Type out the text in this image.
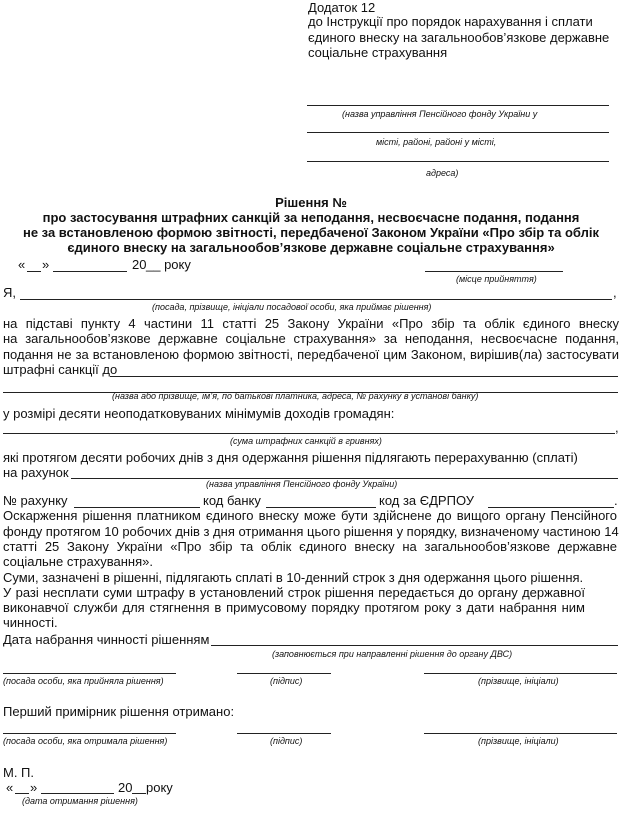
Додаток 12
до Інструкції про порядок нарахування і сплати
єдиного внеску на загальнообов’язкове державне
соціальне страхування
(назва управління Пенсійного фонду України у
місті, районі, районі у місті,
адреса)
Рішення №
про застосування штрафних санкцій за неподання, несвоєчасне подання, подання
не за встановленою формою звітності, передбаченої Законом України «Про збір та облік
єдиного внеску на загальнообов’язкове державне соціальне страхування»
« »	20 __ року
(місце прийняття)
Я,	,
(посада, прізвище, ініціали посадової особи, яка приймає рішення)
на підставі пункту 4 частини 11 статті 25 Закону України «Про збір та облік єдиного внеску
на загальнообов’язкове державне соціальне страхування» за неподання, несвоєчасне подання,
подання не за встановленою формою звітності, передбаченої цим Законом, вирішив(ла) застосувати
штрафні санкції до
(назва або прізвище, ім’я, по батькові платника, адреса, № рахунку в установі банку)
у розмірі десяти неоподатковуваних мінімумів доходів громадян:
,
(сума штрафних санкцій в гривнях)
які протягом десяти робочих днів з дня одержання рішення підлягають перерахуванню (сплаті)
на рахунок
(назва управління Пенсійного фонду України)
№ рахунку	код банку	код за ЄДРПОУ	.
Оскарження рішення платником єдиного внеску може бути здійснене до вищого органу Пенсійного
фонду протягом 10 робочих днів з дня отримання цього рішення у порядку, визначеному частиною 14
статті 25 Закону України «Про збір та облік єдиного внеску на загальнообов’язкове державне
соціальне страхування».
Суми, зазначені в рішенні, підлягають сплаті в 10-денний строк з дня одержання цього рішення.
У разі несплати суми штрафу в установлений строк рішення передається до органу державної
виконавчої служби для стягнення в примусовому порядку протягом року з дати набрання ним
чинності.
Дата набрання чинності рішенням
(заповнюється при направленні рішення до органу ДВС)
(посада особи, яка прийняла рішення)	(підпис)	(прізвище, ініціали)
Перший примірник рішення отримано:
(посада особи, яка отримала рішення)	(підпис)	(прізвище, ініціали)
М. П.
« »	20 року
(дата отримання рішення)
